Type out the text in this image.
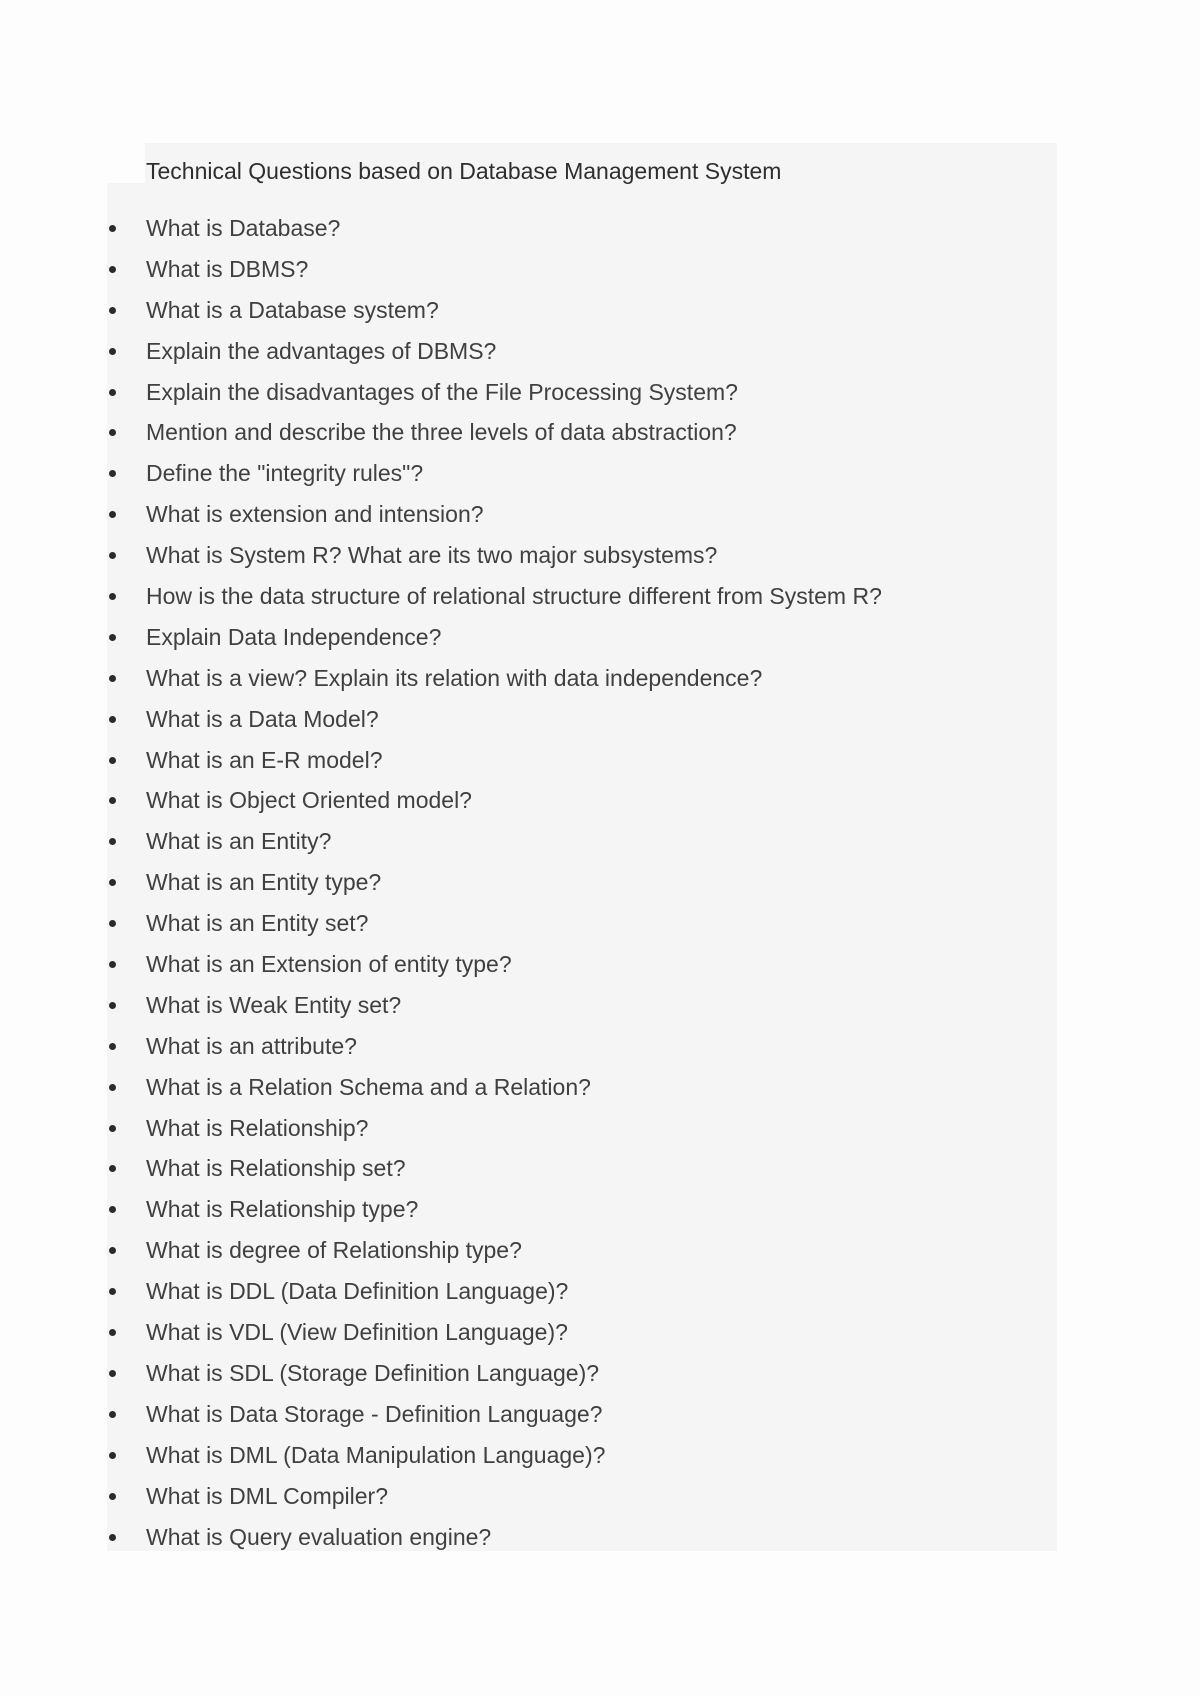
Technical Questions based on Database Management System
What is Database?
What is DBMS?
What is a Database system?
Explain the advantages of DBMS?
Explain the disadvantages of the File Processing System?
Mention and describe the three levels of data abstraction?
Define the "integrity rules"?
What is extension and intension?
What is System R? What are its two major subsystems?
How is the data structure of relational structure different from System R?
Explain Data Independence?
What is a view? Explain its relation with data independence?
What is a Data Model?
What is an E-R model?
What is Object Oriented model?
What is an Entity?
What is an Entity type?
What is an Entity set?
What is an Extension of entity type?
What is Weak Entity set?
What is an attribute?
What is a Relation Schema and a Relation?
What is Relationship?
What is Relationship set?
What is Relationship type?
What is degree of Relationship type?
What is DDL (Data Definition Language)?
What is VDL (View Definition Language)?
What is SDL (Storage Definition Language)?
What is Data Storage - Definition Language?
What is DML (Data Manipulation Language)?
What is DML Compiler?
What is Query evaluation engine?
